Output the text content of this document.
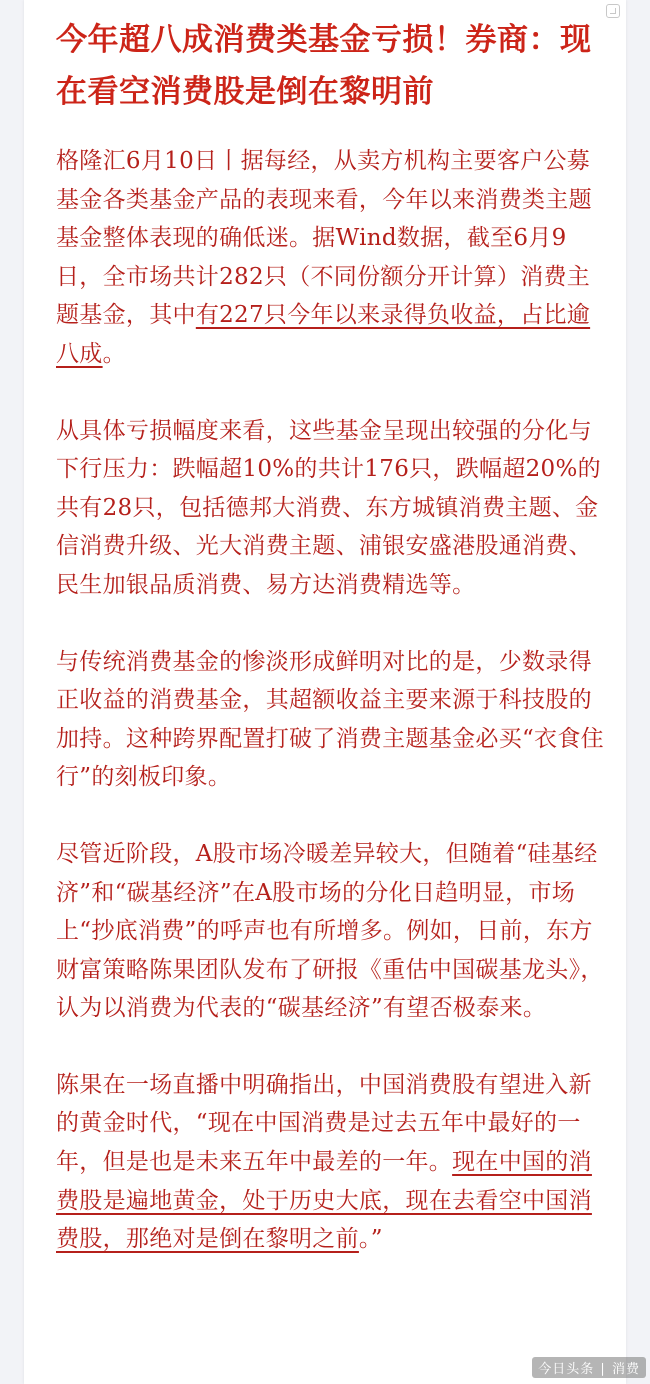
今年超八成消费类基金亏损！券商：现在看空消费股是倒在黎明前

格隆汇6月10日丨据每经，从卖方机构主要客户公募基金各类基金产品的表现来看，今年以来消费类主题基金整体表现的确低迷。据Wind数据，截至6月9日，全市场共计282只（不同份额分开计算）消费主题基金，其中有227只今年以来录得负收益，占比逾八成。

从具体亏损幅度来看，这些基金呈现出较强的分化与下行压力：跌幅超10%的共计176只，跌幅超20%的共有28只，包括德邦大消费、东方城镇消费主题、金信消费升级、光大消费主题、浦银安盛港股通消费、民生加银品质消费、易方达消费精选等。

与传统消费基金的惨淡形成鲜明对比的是，少数录得正收益的消费基金，其超额收益主要来源于科技股的加持。这种跨界配置打破了消费主题基金必买“衣食住行”的刻板印象。

尽管近阶段，A股市场冷暖差异较大，但随着“硅基经济”和“碳基经济”在A股市场的分化日趋明显，市场上“抄底消费”的呼声也有所增多。例如，日前，东方财富策略陈果团队发布了研报《重估中国碳基龙头》，认为以消费为代表的“碳基经济”有望否极泰来。

陈果在一场直播中明确指出，中国消费股有望进入新的黄金时代，“现在中国消费是过去五年中最好的一年，但是也是未来五年中最差的一年。现在中国的消费股是遍地黄金，处于历史大底，现在去看空中国消费股，那绝对是倒在黎明之前。”

今日头条 ∣ 消费
